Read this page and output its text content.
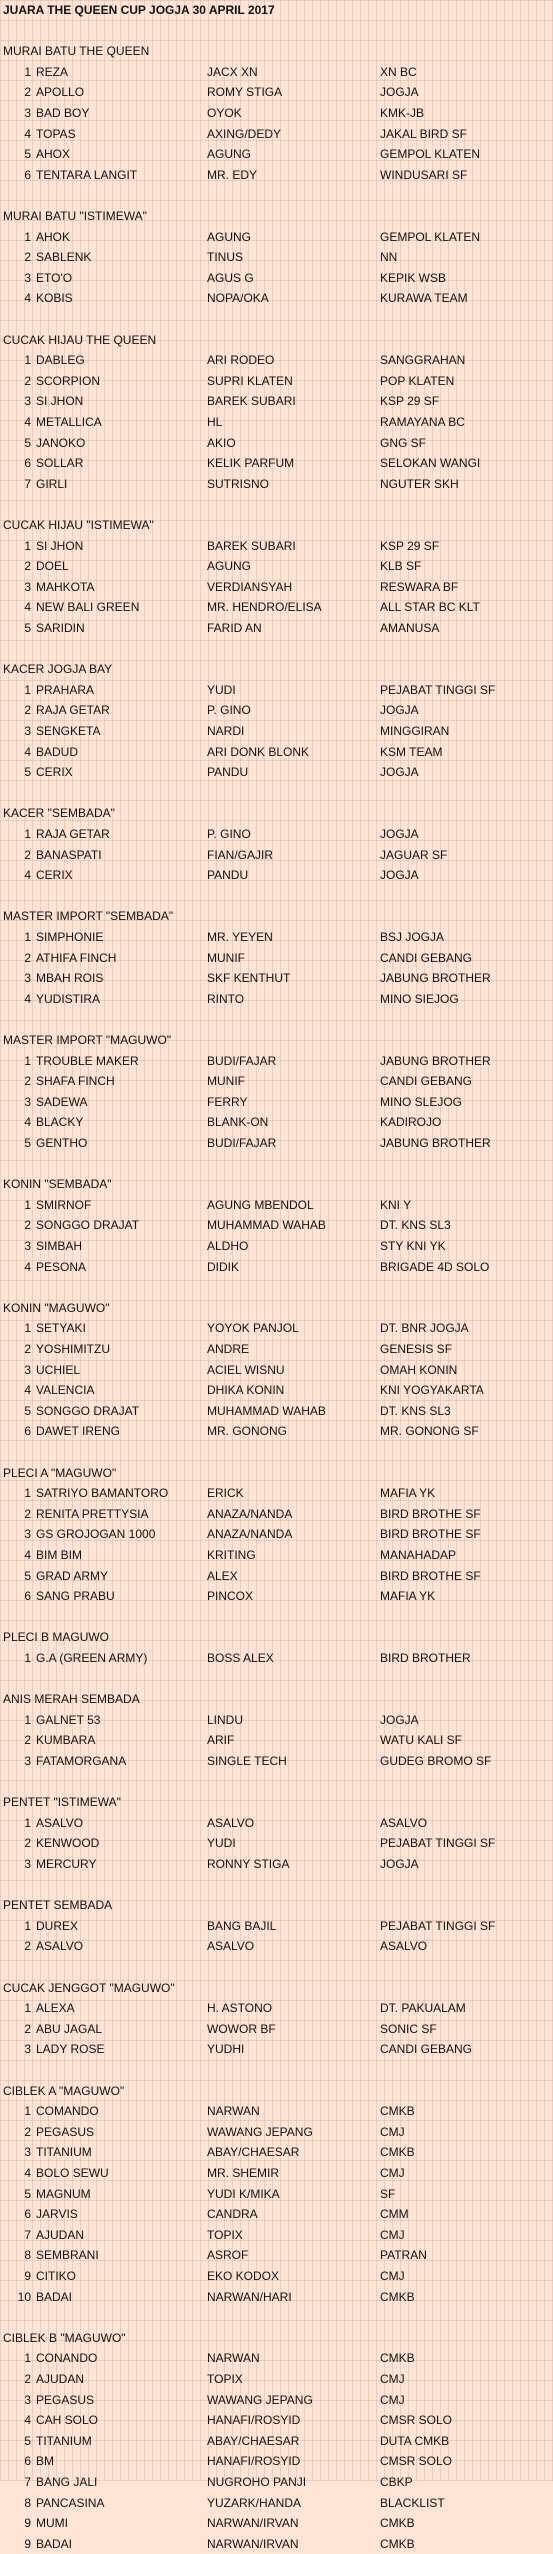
JUARA THE QUEEN CUP JOGJA 30 APRIL 2017
MURAI BATU THE QUEEN
1 REZA	JACX XN	XN BC
2 APOLLO	ROMY STIGA	JOGJA
3 BAD BOY	OYOK	KMK-JB
4 TOPAS	AXING/DEDY	JAKAL BIRD SF
5 AHOX	AGUNG	GEMPOL KLATEN
6 TENTARA LANGIT	MR. EDY	WINDUSARI SF
MURAI BATU "ISTIMEWA"
1 AHOK	AGUNG	GEMPOL KLATEN
2 SABLENK	TINUS	NN
3 ETO'O	AGUS G	KEPIK WSB
4 KOBIS	NOPA/OKA	KURAWA TEAM
CUCAK HIJAU THE QUEEN
1 DABLEG	ARI RODEO	SANGGRAHAN
2 SCORPION	SUPRI KLATEN	POP KLATEN
3 SI JHON	BAREK SUBARI	KSP 29 SF
4 METALLICA	HL	RAMAYANA BC
5 JANOKO	AKIO	GNG SF
6 SOLLAR	KELIK PARFUM	SELOKAN WANGI
7 GIRLI	SUTRISNO	NGUTER SKH
CUCAK HIJAU "ISTIMEWA"
1 SI JHON	BAREK SUBARI	KSP 29 SF
2 DOEL	AGUNG	KLB SF
3 MAHKOTA	VERDIANSYAH	RESWARA BF
4 NEW BALI GREEN	MR. HENDRO/ELISA	ALL STAR BC KLT
5 SARIDIN	FARID AN	AMANUSA
KACER JOGJA BAY
1 PRAHARA	YUDI	PEJABAT TINGGI SF
2 RAJA GETAR	P. GINO	JOGJA
3 SENGKETA	NARDI	MINGGIRAN
4 BADUD	ARI DONK BLONK	KSM TEAM
5 CERIX	PANDU	JOGJA
KACER "SEMBADA"
1 RAJA GETAR	P. GINO	JOGJA
2 BANASPATI	FIAN/GAJIR	JAGUAR SF
4 CERIX	PANDU	JOGJA
MASTER IMPORT "SEMBADA"
1 SIMPHONIE	MR. YEYEN	BSJ JOGJA
2 ATHIFA FINCH	MUNIF	CANDI GEBANG
3 MBAH ROIS	SKF KENTHUT	JABUNG BROTHER
4 YUDISTIRA	RINTO	MINO SIEJOG
MASTER IMPORT "MAGUWO"
1 TROUBLE MAKER	BUDI/FAJAR	JABUNG BROTHER
2 SHAFA FINCH	MUNIF	CANDI GEBANG
3 SADEWA	FERRY	MINO SLEJOG
4 BLACKY	BLANK-ON	KADIROJO
5 GENTHO	BUDI/FAJAR	JABUNG BROTHER
KONIN "SEMBADA"
1 SMIRNOF	AGUNG MBENDOL	KNI Y
2 SONGGO DRAJAT	MUHAMMAD WAHAB	DT. KNS SL3
3 SIMBAH	ALDHO	STY KNI YK
4 PESONA	DIDIK	BRIGADE 4D SOLO
KONIN "MAGUWO"
1 SETYAKI	YOYOK PANJOL	DT. BNR JOGJA
2 YOSHIMITZU	ANDRE	GENESIS SF
3 UCHIEL	ACIEL WISNU	OMAH KONIN
4 VALENCIA	DHIKA KONIN	KNI YOGYAKARTA
5 SONGGO DRAJAT	MUHAMMAD WAHAB	DT. KNS SL3
6 DAWET IRENG	MR. GONONG	MR. GONONG SF
PLECI A "MAGUWO"
1 SATRIYO BAMANTORO	ERICK	MAFIA YK
2 RENITA PRETTYSIA	ANAZA/NANDA	BIRD BROTHE SF
3 GS GROJOGAN 1000	ANAZA/NANDA	BIRD BROTHE SF
4 BIM BIM	KRITING	MANAHADAP
5 GRAD ARMY	ALEX	BIRD BROTHE SF
6 SANG PRABU	PINCOX	MAFIA YK
PLECI B MAGUWO
1 G.A (GREEN ARMY)	BOSS ALEX	BIRD BROTHER
ANIS MERAH SEMBADA
1 GALNET 53	LINDU	JOGJA
2 KUMBARA	ARIF	WATU KALI SF
3 FATAMORGANA	SINGLE TECH	GUDEG BROMO SF
PENTET "ISTIMEWA"
1 ASALVO	ASALVO	ASALVO
2 KENWOOD	YUDI	PEJABAT TINGGI SF
3 MERCURY	RONNY STIGA	JOGJA
PENTET SEMBADA
1 DUREX	BANG BAJIL	PEJABAT TINGGI SF
2 ASALVO	ASALVO	ASALVO
CUCAK JENGGOT "MAGUWO"
1 ALEXA	H. ASTONO	DT. PAKUALAM
2 ABU JAGAL	WOWOR BF	SONIC SF
3 LADY ROSE	YUDHI	CANDI GEBANG
CIBLEK A "MAGUWO"
1 COMANDO	NARWAN	CMKB
2 PEGASUS	WAWANG JEPANG	CMJ
3 TITANIUM	ABAY/CHAESAR	CMKB
4 BOLO SEWU	MR. SHEMIR	CMJ
5 MAGNUM	YUDI K/MIKA	SF
6 JARVIS	CANDRA	CMM
7 AJUDAN	TOPIX	CMJ
8 SEMBRANI	ASROF	PATRAN
9 CITIKO	EKO KODOX	CMJ
10 BADAI	NARWAN/HARI	CMKB
CIBLEK B "MAGUWO"
1 CONANDO	NARWAN	CMKB
2 AJUDAN	TOPIX	CMJ
3 PEGASUS	WAWANG JEPANG	CMJ
4 CAH SOLO	HANAFI/ROSYID	CMSR SOLO
5 TITANIUM	ABAY/CHAESAR	DUTA CMKB
6 BM	HANAFI/ROSYID	CMSR SOLO
7 BANG JALI	NUGROHO PANJI	CBKP
8 PANCASINA	YUZARK/HANDA	BLACKLIST
9 MUMI	NARWAN/IRVAN	CMKB
9 BADAI	NARWAN/IRVAN	CMKB
